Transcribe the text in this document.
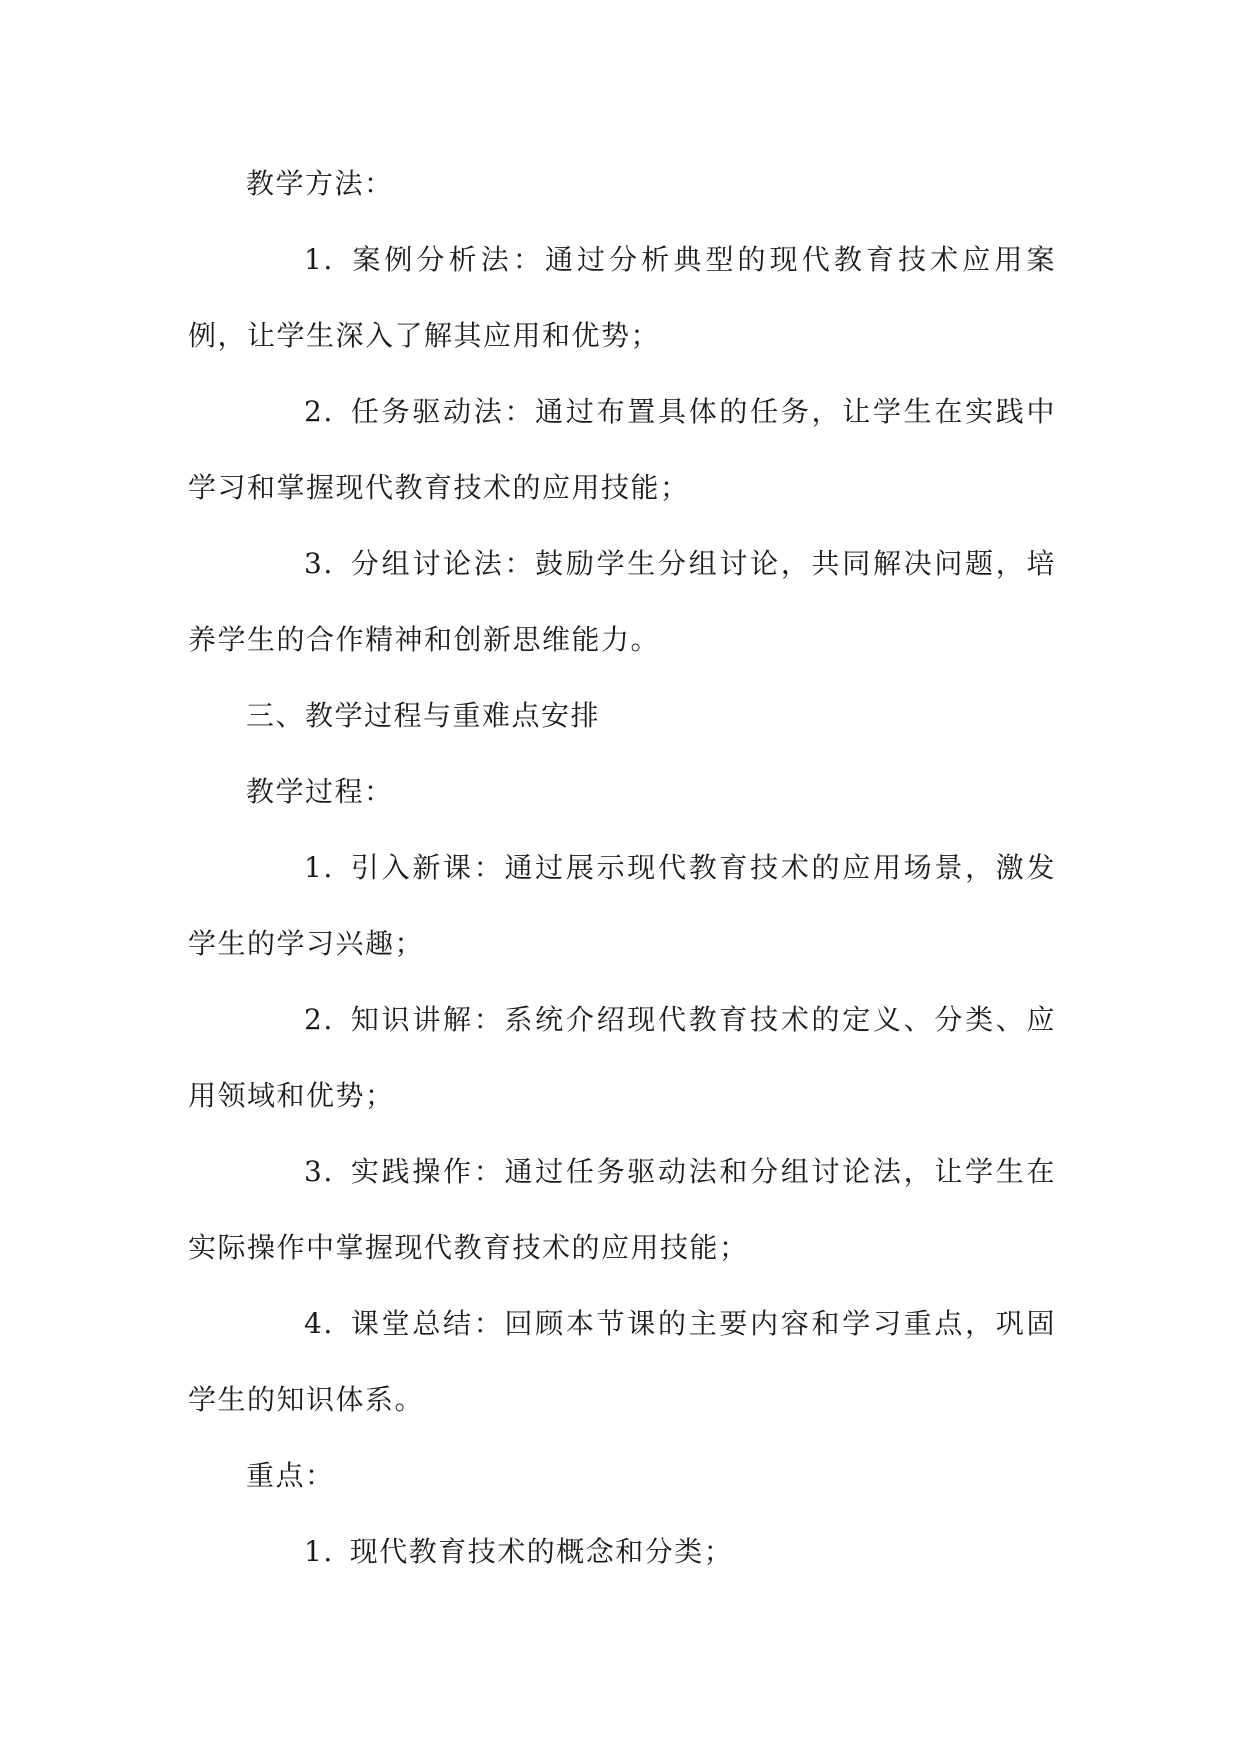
教学方法：

1. 案例分析法：通过分析典型的现代教育技术应用案例，让学生深入了解其应用和优势；

2. 任务驱动法：通过布置具体的任务，让学生在实践中学习和掌握现代教育技术的应用技能；

3. 分组讨论法：鼓励学生分组讨论，共同解决问题，培养学生的合作精神和创新思维能力。

三、教学过程与重难点安排

教学过程：

1. 引入新课：通过展示现代教育技术的应用场景，激发学生的学习兴趣；

2. 知识讲解：系统介绍现代教育技术的定义、分类、应用领域和优势；

3. 实践操作：通过任务驱动法和分组讨论法，让学生在实际操作中掌握现代教育技术的应用技能；

4. 课堂总结：回顾本节课的主要内容和学习重点，巩固学生的知识体系。

重点：

1. 现代教育技术的概念和分类；
